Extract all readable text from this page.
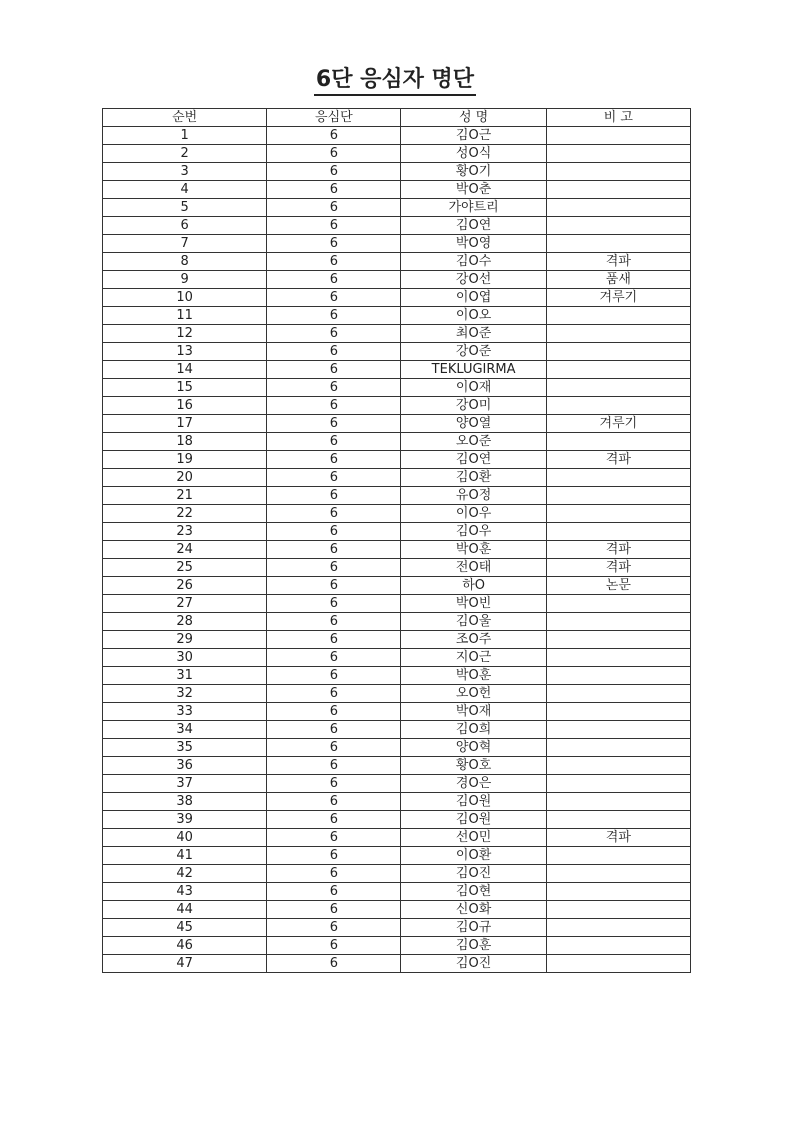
6단 응심자 명단
순번	응심단	성 명	비 고
1	6	김O근	
2	6	성O식	
3	6	황O기	
4	6	박O춘	
5	6	가야트리	
6	6	김O연	
7	6	박O영	
8	6	김O수	격파
9	6	강O선	품새
10	6	이O엽	겨루기
11	6	이O오	
12	6	최O준	
13	6	강O준	
14	6	TEKLUGIRMA	
15	6	이O재	
16	6	강O미	
17	6	양O열	겨루기
18	6	오O준	
19	6	김O연	격파
20	6	김O환	
21	6	유O정	
22	6	이O우	
23	6	김O우	
24	6	박O훈	격파
25	6	전O태	격파
26	6	하O	논문
27	6	박O빈	
28	6	김O울	
29	6	조O주	
30	6	지O근	
31	6	박O훈	
32	6	오O헌	
33	6	박O재	
34	6	김O희	
35	6	양O혁	
36	6	황O호	
37	6	경O은	
38	6	김O원	
39	6	김O원	
40	6	선O민	격파
41	6	이O환	
42	6	김O진	
43	6	김O현	
44	6	신O화	
45	6	김O규	
46	6	김O훈	
47	6	김O진	
